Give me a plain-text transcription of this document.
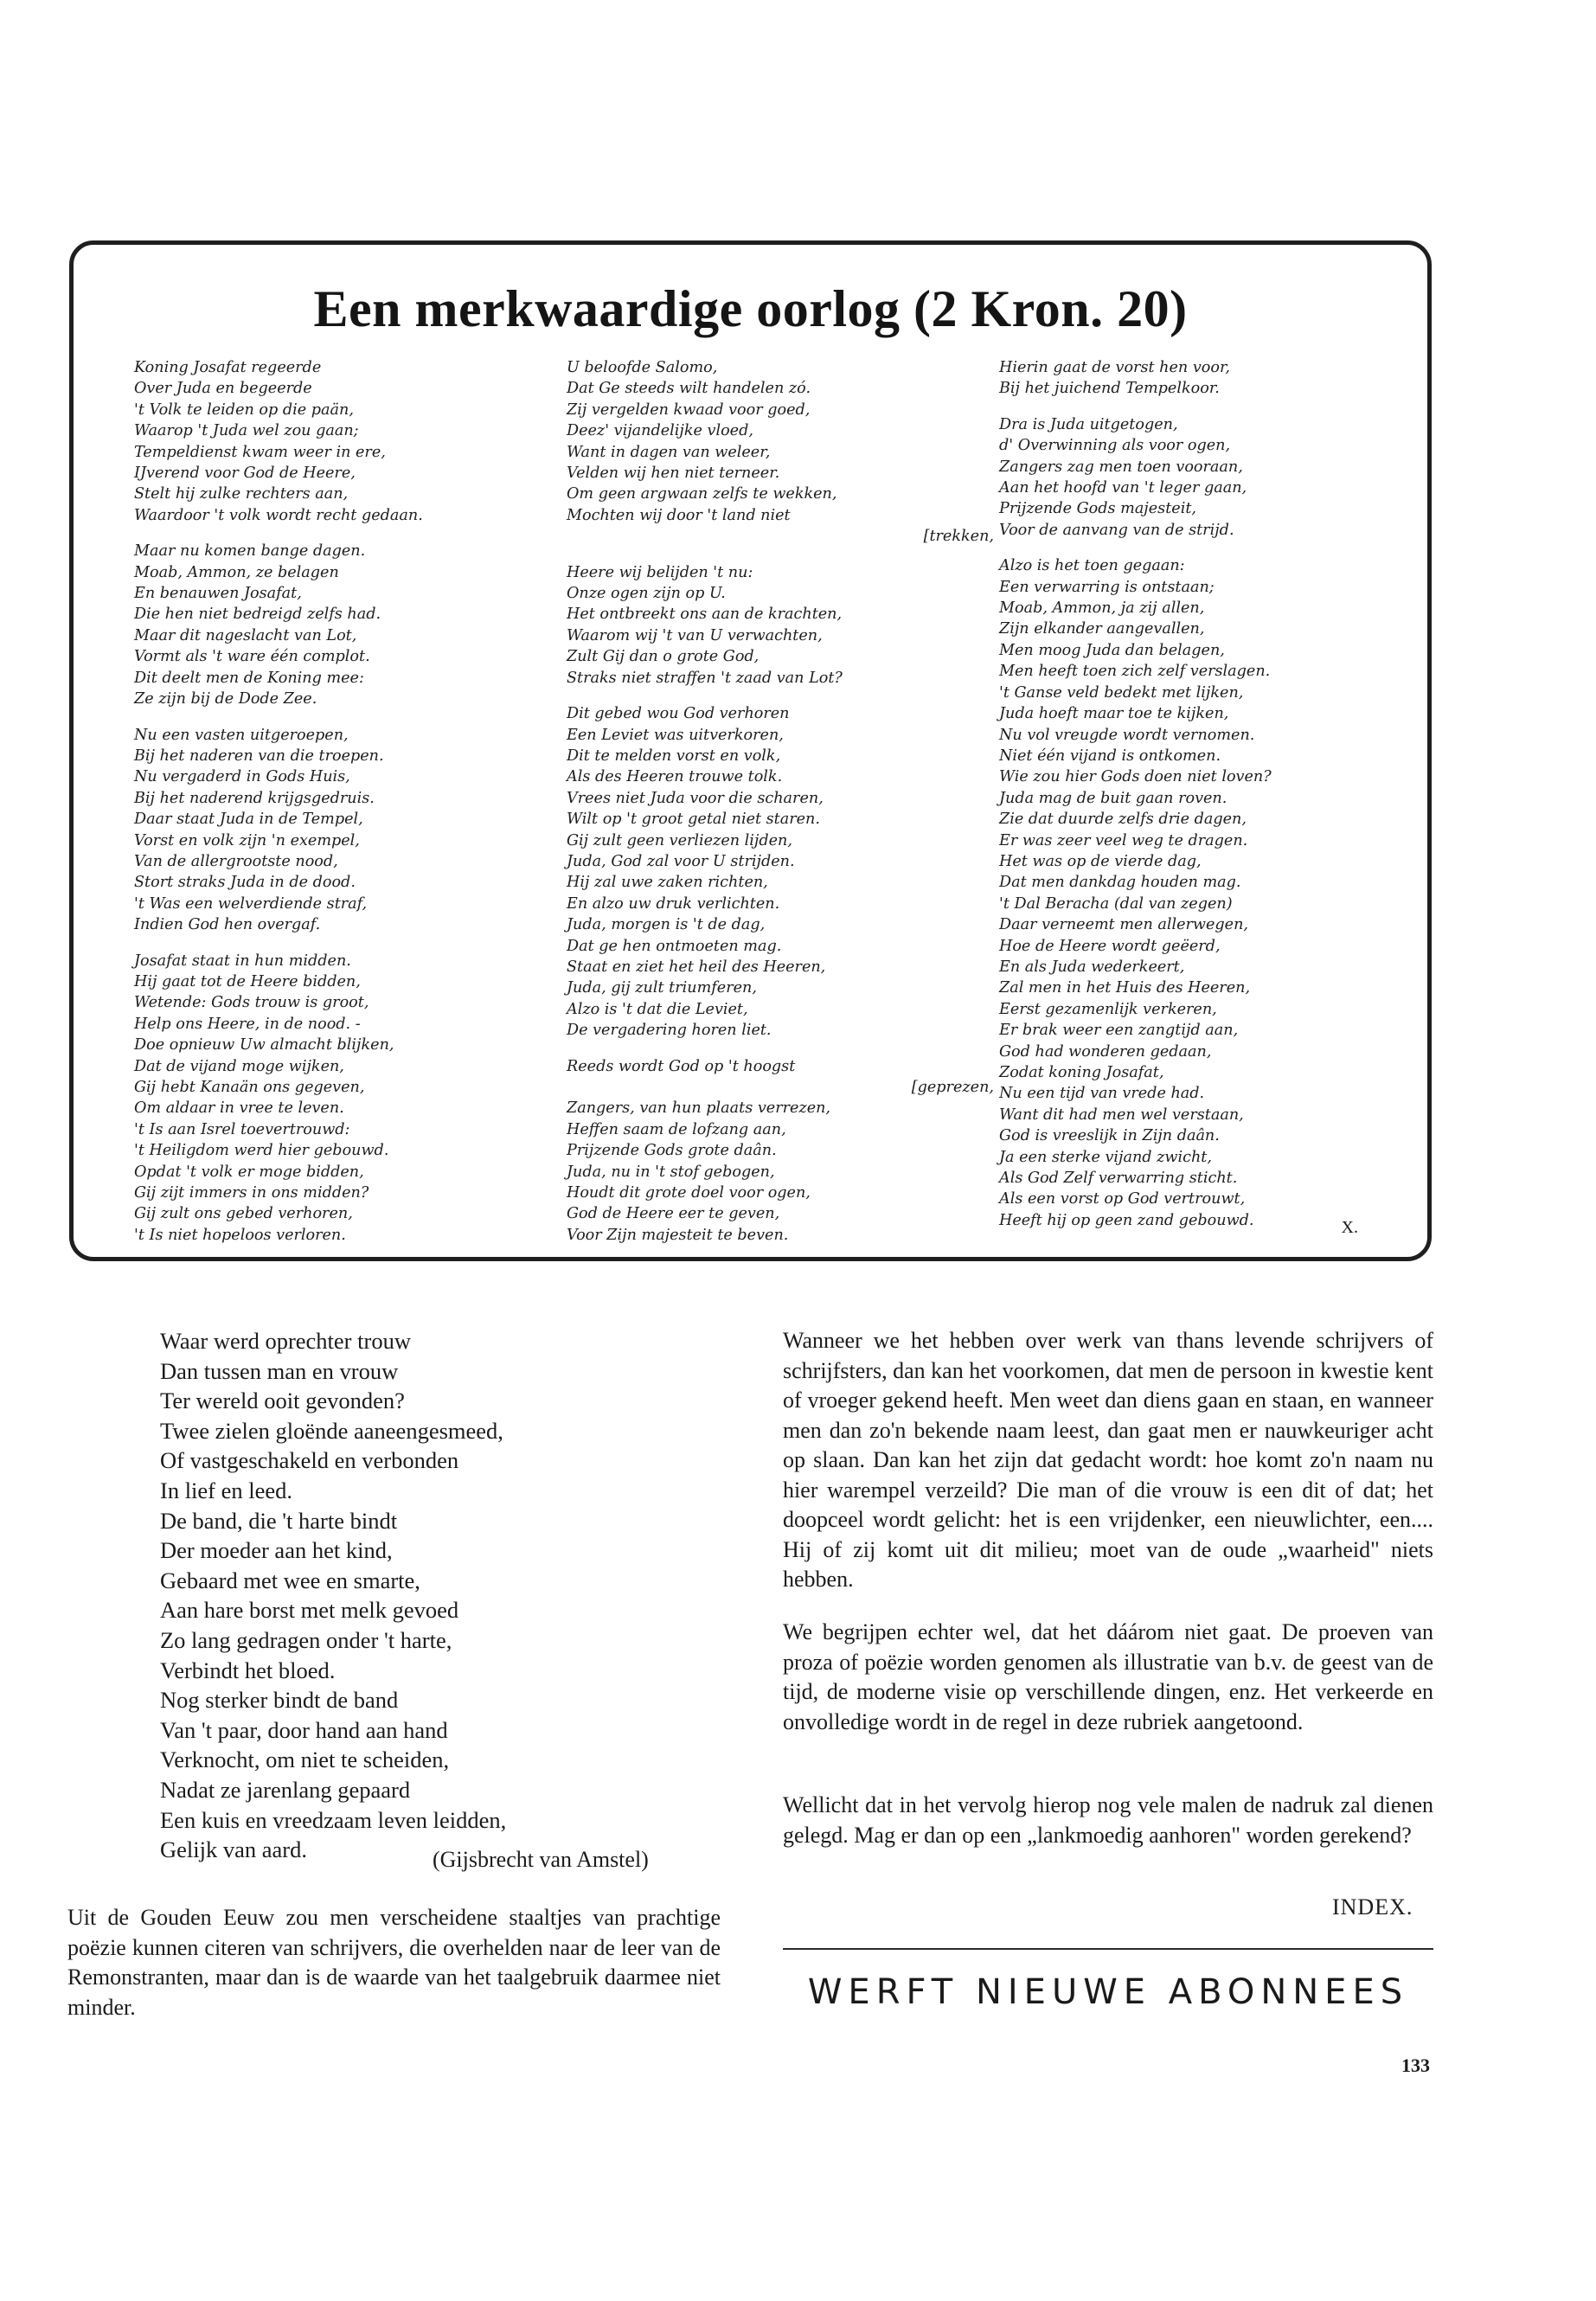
Een merkwaardige oorlog (2 Kron. 20)
Koning Josafat regeerde
Over Juda en begeerde
't Volk te leiden op die paän,
Waarop 't Juda wel zou gaan;
Tempeldienst kwam weer in ere,
IJverend voor God de Heere,
Stelt hij zulke rechters aan,
Waardoor 't volk wordt recht gedaan.
Maar nu komen bange dagen.
Moab, Ammon, ze belagen
En benauwen Josafat,
Die hen niet bedreigd zelfs had.
Maar dit nageslacht van Lot,
Vormt als 't ware één complot.
Dit deelt men de Koning mee:
Ze zijn bij de Dode Zee.
Nu een vasten uitgeroepen,
Bij het naderen van die troepen.
Nu vergaderd in Gods Huis,
Bij het naderend krijgsgedruis.
Daar staat Juda in de Tempel,
Vorst en volk zijn 'n exempel,
Van de allergrootste nood,
Stort straks Juda in de dood.
't Was een welverdiende straf,
Indien God hen overgaf.
Josafat staat in hun midden.
Hij gaat tot de Heere bidden,
Wetende: Gods trouw is groot,
Help ons Heere, in de nood. -
Doe opnieuw Uw almacht blijken,
Dat de vijand moge wijken,
Gij hebt Kanaän ons gegeven,
Om aldaar in vree te leven.
't Is aan Isrel toevertrouwd:
't Heiligdom werd hier gebouwd.
Opdat 't volk er moge bidden,
Gij zijt immers in ons midden?
Gij zult ons gebed verhoren,
't Is niet hopeloos verloren.
U beloofde Salomo,
Dat Ge steeds wilt handelen zó.
Zij vergelden kwaad voor goed,
Deez' vijandelijke vloed,
Want in dagen van weleer,
Velden wij hen niet terneer.
Om geen argwaan zelfs te wekken,
Mochten wij door 't land niet
[trekken,
Heere wij belijden 't nu:
Onze ogen zijn op U.
Het ontbreekt ons aan de krachten,
Waarom wij 't van U verwachten,
Zult Gij dan o grote God,
Straks niet straffen 't zaad van Lot?
Dit gebed wou God verhoren
Een Leviet was uitverkoren,
Dit te melden vorst en volk,
Als des Heeren trouwe tolk.
Vrees niet Juda voor die scharen,
Wilt op 't groot getal niet staren.
Gij zult geen verliezen lijden,
Juda, God zal voor U strijden.
Hij zal uwe zaken richten,
En alzo uw druk verlichten.
Juda, morgen is 't de dag,
Dat ge hen ontmoeten mag.
Staat en ziet het heil des Heeren,
Juda, gij zult triumferen,
Alzo is 't dat die Leviet,
De vergadering horen liet.
Reeds wordt God op 't hoogst
[geprezen,
Zangers, van hun plaats verrezen,
Heffen saam de lofzang aan,
Prijzende Gods grote daân.
Juda, nu in 't stof gebogen,
Houdt dit grote doel voor ogen,
God de Heere eer te geven,
Voor Zijn majesteit te beven.
Hierin gaat de vorst hen voor,
Bij het juichend Tempelkoor.
Dra is Juda uitgetogen,
d' Overwinning als voor ogen,
Zangers zag men toen vooraan,
Aan het hoofd van 't leger gaan,
Prijzende Gods majesteit,
Voor de aanvang van de strijd.
Alzo is het toen gegaan:
Een verwarring is ontstaan;
Moab, Ammon, ja zij allen,
Zijn elkander aangevallen,
Men moog Juda dan belagen,
Men heeft toen zich zelf verslagen.
't Ganse veld bedekt met lijken,
Juda hoeft maar toe te kijken,
Nu vol vreugde wordt vernomen.
Niet één vijand is ontkomen.
Wie zou hier Gods doen niet loven?
Juda mag de buit gaan roven.
Zie dat duurde zelfs drie dagen,
Er was zeer veel weg te dragen.
Het was op de vierde dag,
Dat men dankdag houden mag.
't Dal Beracha (dal van zegen)
Daar verneemt men allerwegen,
Hoe de Heere wordt geëerd,
En als Juda wederkeert,
Zal men in het Huis des Heeren,
Eerst gezamenlijk verkeren,
Er brak weer een zangtijd aan,
God had wonderen gedaan,
Zodat koning Josafat,
Nu een tijd van vrede had.
Want dit had men wel verstaan,
God is vreeslijk in Zijn daân.
Ja een sterke vijand zwicht,
Als God Zelf verwarring sticht.
Als een vorst op God vertrouwt,
Heeft hij op geen zand gebouwd.	X.
Waar werd oprechter trouw
Dan tussen man en vrouw
Ter wereld ooit gevonden?
Twee zielen gloënde aaneengesmeed,
Of vastgeschakeld en verbonden
In lief en leed.
De band, die 't harte bindt
Der moeder aan het kind,
Gebaard met wee en smarte,
Aan hare borst met melk gevoed
Zo lang gedragen onder 't harte,
Verbindt het bloed.
Nog sterker bindt de band
Van 't paar, door hand aan hand
Verknocht, om niet te scheiden,
Nadat ze jarenlang gepaard
Een kuis en vreedzaam leven leidden,
Gelijk van aard.	(Gijsbrecht van Amstel)
Uit de Gouden Eeuw zou men verscheidene staaltjes van prachtige poëzie kunnen citeren van schrijvers, die overhelden naar de leer van de Remonstranten, maar dan is de waarde van het taalgebruik daarmee niet minder.
Wanneer we het hebben over werk van thans levende schrijvers of schrijfsters, dan kan het voorkomen, dat men de persoon in kwestie kent of vroeger gekend heeft. Men weet dan diens gaan en staan, en wanneer men dan zo'n bekende naam leest, dan gaat men er nauwkeuriger acht op slaan. Dan kan het zijn dat gedacht wordt: hoe komt zo'n naam nu hier warempel verzeild? Die man of die vrouw is een dit of dat; het doopceel wordt gelicht: het is een vrijdenker, een nieuwlichter, een.... Hij of zij komt uit dit milieu; moet van de oude „waarheid" niets hebben.
We begrijpen echter wel, dat het dáárom niet gaat. De proeven van proza of poëzie worden genomen als illustratie van b.v. de geest van de tijd, de moderne visie op verschillende dingen, enz. Het verkeerde en onvolledige wordt in de regel in deze rubriek aangetoond.
Wellicht dat in het vervolg hierop nog vele malen de nadruk zal dienen gelegd. Mag er dan op een „lankmoedig aanhoren" worden gerekend?
INDEX.
WERFT NIEUWE ABONNEES
133
